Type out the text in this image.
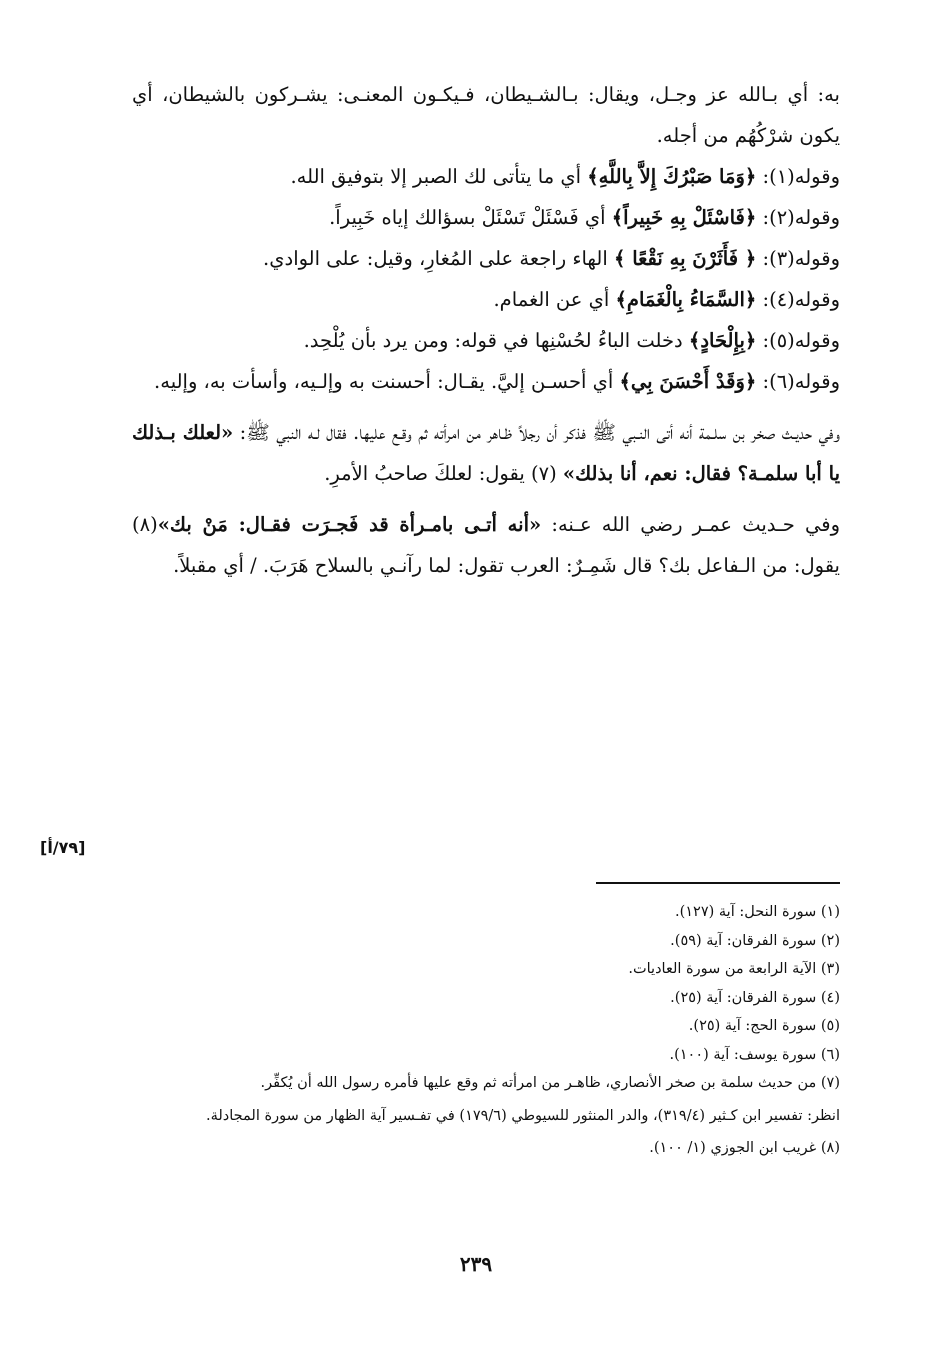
به: أي بـالله عز وجـل، ويقال: بـالشـيطان، فـيكـون المعنـى: يشـركون بالشيطان، أي يكون شرْكُهُم من أجله.

وقوله(١): ﴿وَمَا صَبْرُكَ إِلاَّ بِاللَّهِ﴾ أي ما يتأتى لك الصبر إلا بتوفيق الله.

وقوله(٢): ﴿فَاسْئَلْ بِهِ خَبِيراً﴾ أي فَسْئَلْ تَسْئَلْ بسؤالك إياه خَبِيراً.

وقوله(٣): ﴿ فَأَثَرْنَ بِهِ نَقْعًا ﴾ الهاء راجعة على المُغارِ، وقيل: على الوادي.

وقوله(٤): ﴿السَّمَاءُ بِالْغَمَامِ﴾ أي عن الغمام.

وقوله(٥): ﴿بِإِلْحَادٍ﴾ دخلت الباءُ لحُسْنِها في قوله: ومن يرد بأن يُلْحِد.

وقوله(٦): ﴿وَقَدْ أَحْسَنَ بِي﴾ أي أحسـن إليَّ. يقـال: أحسنت به وإلـيه، وأسأت به، وإليه.

وفي حديـث صخر بن سلـمة أنه أتى النـبي ﷺ فذكر أن رجلاً ظـاهر من امرأته ثم وقـع عليها. فقال لـه النبي ﷺ: «لعلك بـذلك يا أبا سلمـة؟ فقال: نعم، أنا بذلك» (٧) يقول: لعلكَ صاحبُ الأمرِ.

وفي حـديث عمـر رضي الله عـنه: «أنه أتـى بامـرأة قد فَجـرَت فقـال: مَنْ بك»(٨) يقول: من الـفاعل بك؟ قال شَمِـرٌ: العرب تقول: لما رآنـي بالسلاح هَرَبَ. / أي مقبلاً.

[٧٩/أ]

(١) سورة النحل: آية (١٢٧).

(٢) سورة الفرقان: آية (٥٩).

(٣) الآية الرابعة من سورة العاديات.

(٤) سورة الفرقان: آية (٢٥).

(٥) سورة الحج: آية (٢٥).

(٦) سورة يوسف: آية (١٠٠).

(٧) من حديث سلمة بن صخر الأنصاري، ظاهـر من امرأته ثم وقع عليها فأمره رسول الله أن يُكفِّر.

انظر: تفسير ابن كـثير (٣١٩/٤)، والدر المنثور للسيوطي (١٧٩/٦) في تفـسير آية الظهار من سورة المجادلة.

(٨) غريب ابن الجوزي (١/ ١٠٠).

٢٣٩
